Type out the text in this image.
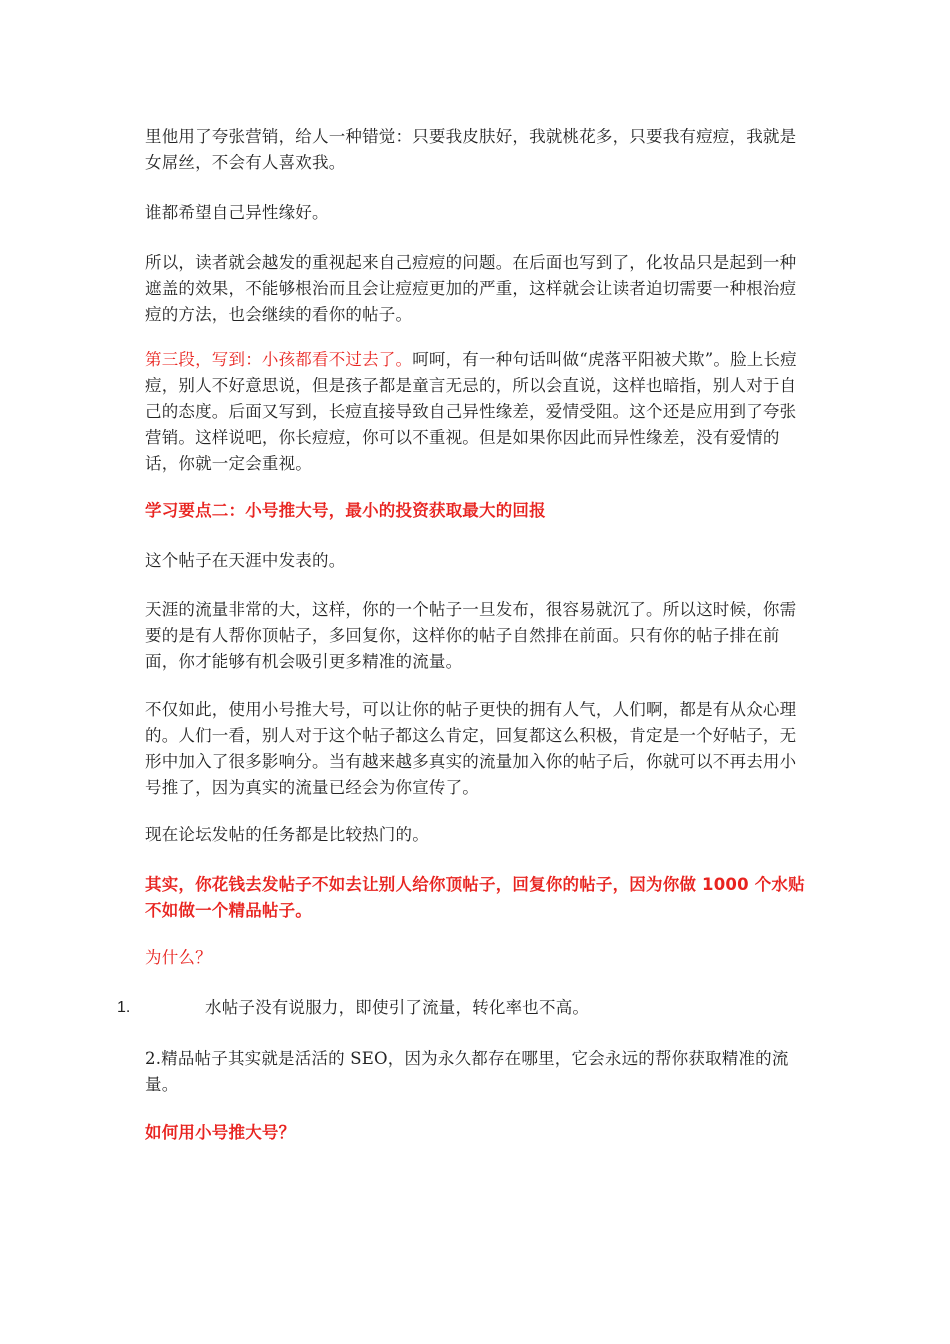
里他用了夸张营销，给人一种错觉：只要我皮肤好，我就桃花多，只要我有痘痘，我就是女屌丝，不会有人喜欢我。

谁都希望自己异性缘好。

所以，读者就会越发的重视起来自己痘痘的问题。在后面也写到了，化妆品只是起到一种遮盖的效果，不能够根治而且会让痘痘更加的严重，这样就会让读者迫切需要一种根治痘痘的方法，也会继续的看你的帖子。

第三段，写到：小孩都看不过去了。呵呵，有一种句话叫做“虎落平阳被犬欺”。脸上长痘痘，别人不好意思说，但是孩子都是童言无忌的，所以会直说，这样也暗指，别人对于自己的态度。后面又写到，长痘直接导致自己异性缘差，爱情受阻。这个还是应用到了夸张营销。这样说吧，你长痘痘，你可以不重视。但是如果你因此而异性缘差，没有爱情的话，你就一定会重视。

学习要点二：小号推大号，最小的投资获取最大的回报

这个帖子在天涯中发表的。

天涯的流量非常的大，这样，你的一个帖子一旦发布，很容易就沉了。所以这时候，你需要的是有人帮你顶帖子，多回复你，这样你的帖子自然排在前面。只有你的帖子排在前面，你才能够有机会吸引更多精准的流量。

不仅如此，使用小号推大号，可以让你的帖子更快的拥有人气，人们啊，都是有从众心理的。人们一看，别人对于这个帖子都这么肯定，回复都这么积极，肯定是一个好帖子，无形中加入了很多影响分。当有越来越多真实的流量加入你的帖子后，你就可以不再去用小号推了，因为真实的流量已经会为你宣传了。

现在论坛发帖的任务都是比较热门的。

其实，你花钱去发帖子不如去让别人给你顶帖子，回复你的帖子，因为你做 1000 个水贴不如做一个精品帖子。

为什么？

1.	水帖子没有说服力，即使引了流量，转化率也不高。

2.精品帖子其实就是活活的 SEO，因为永久都存在哪里，它会永远的帮你获取精准的流量。

如何用小号推大号？
